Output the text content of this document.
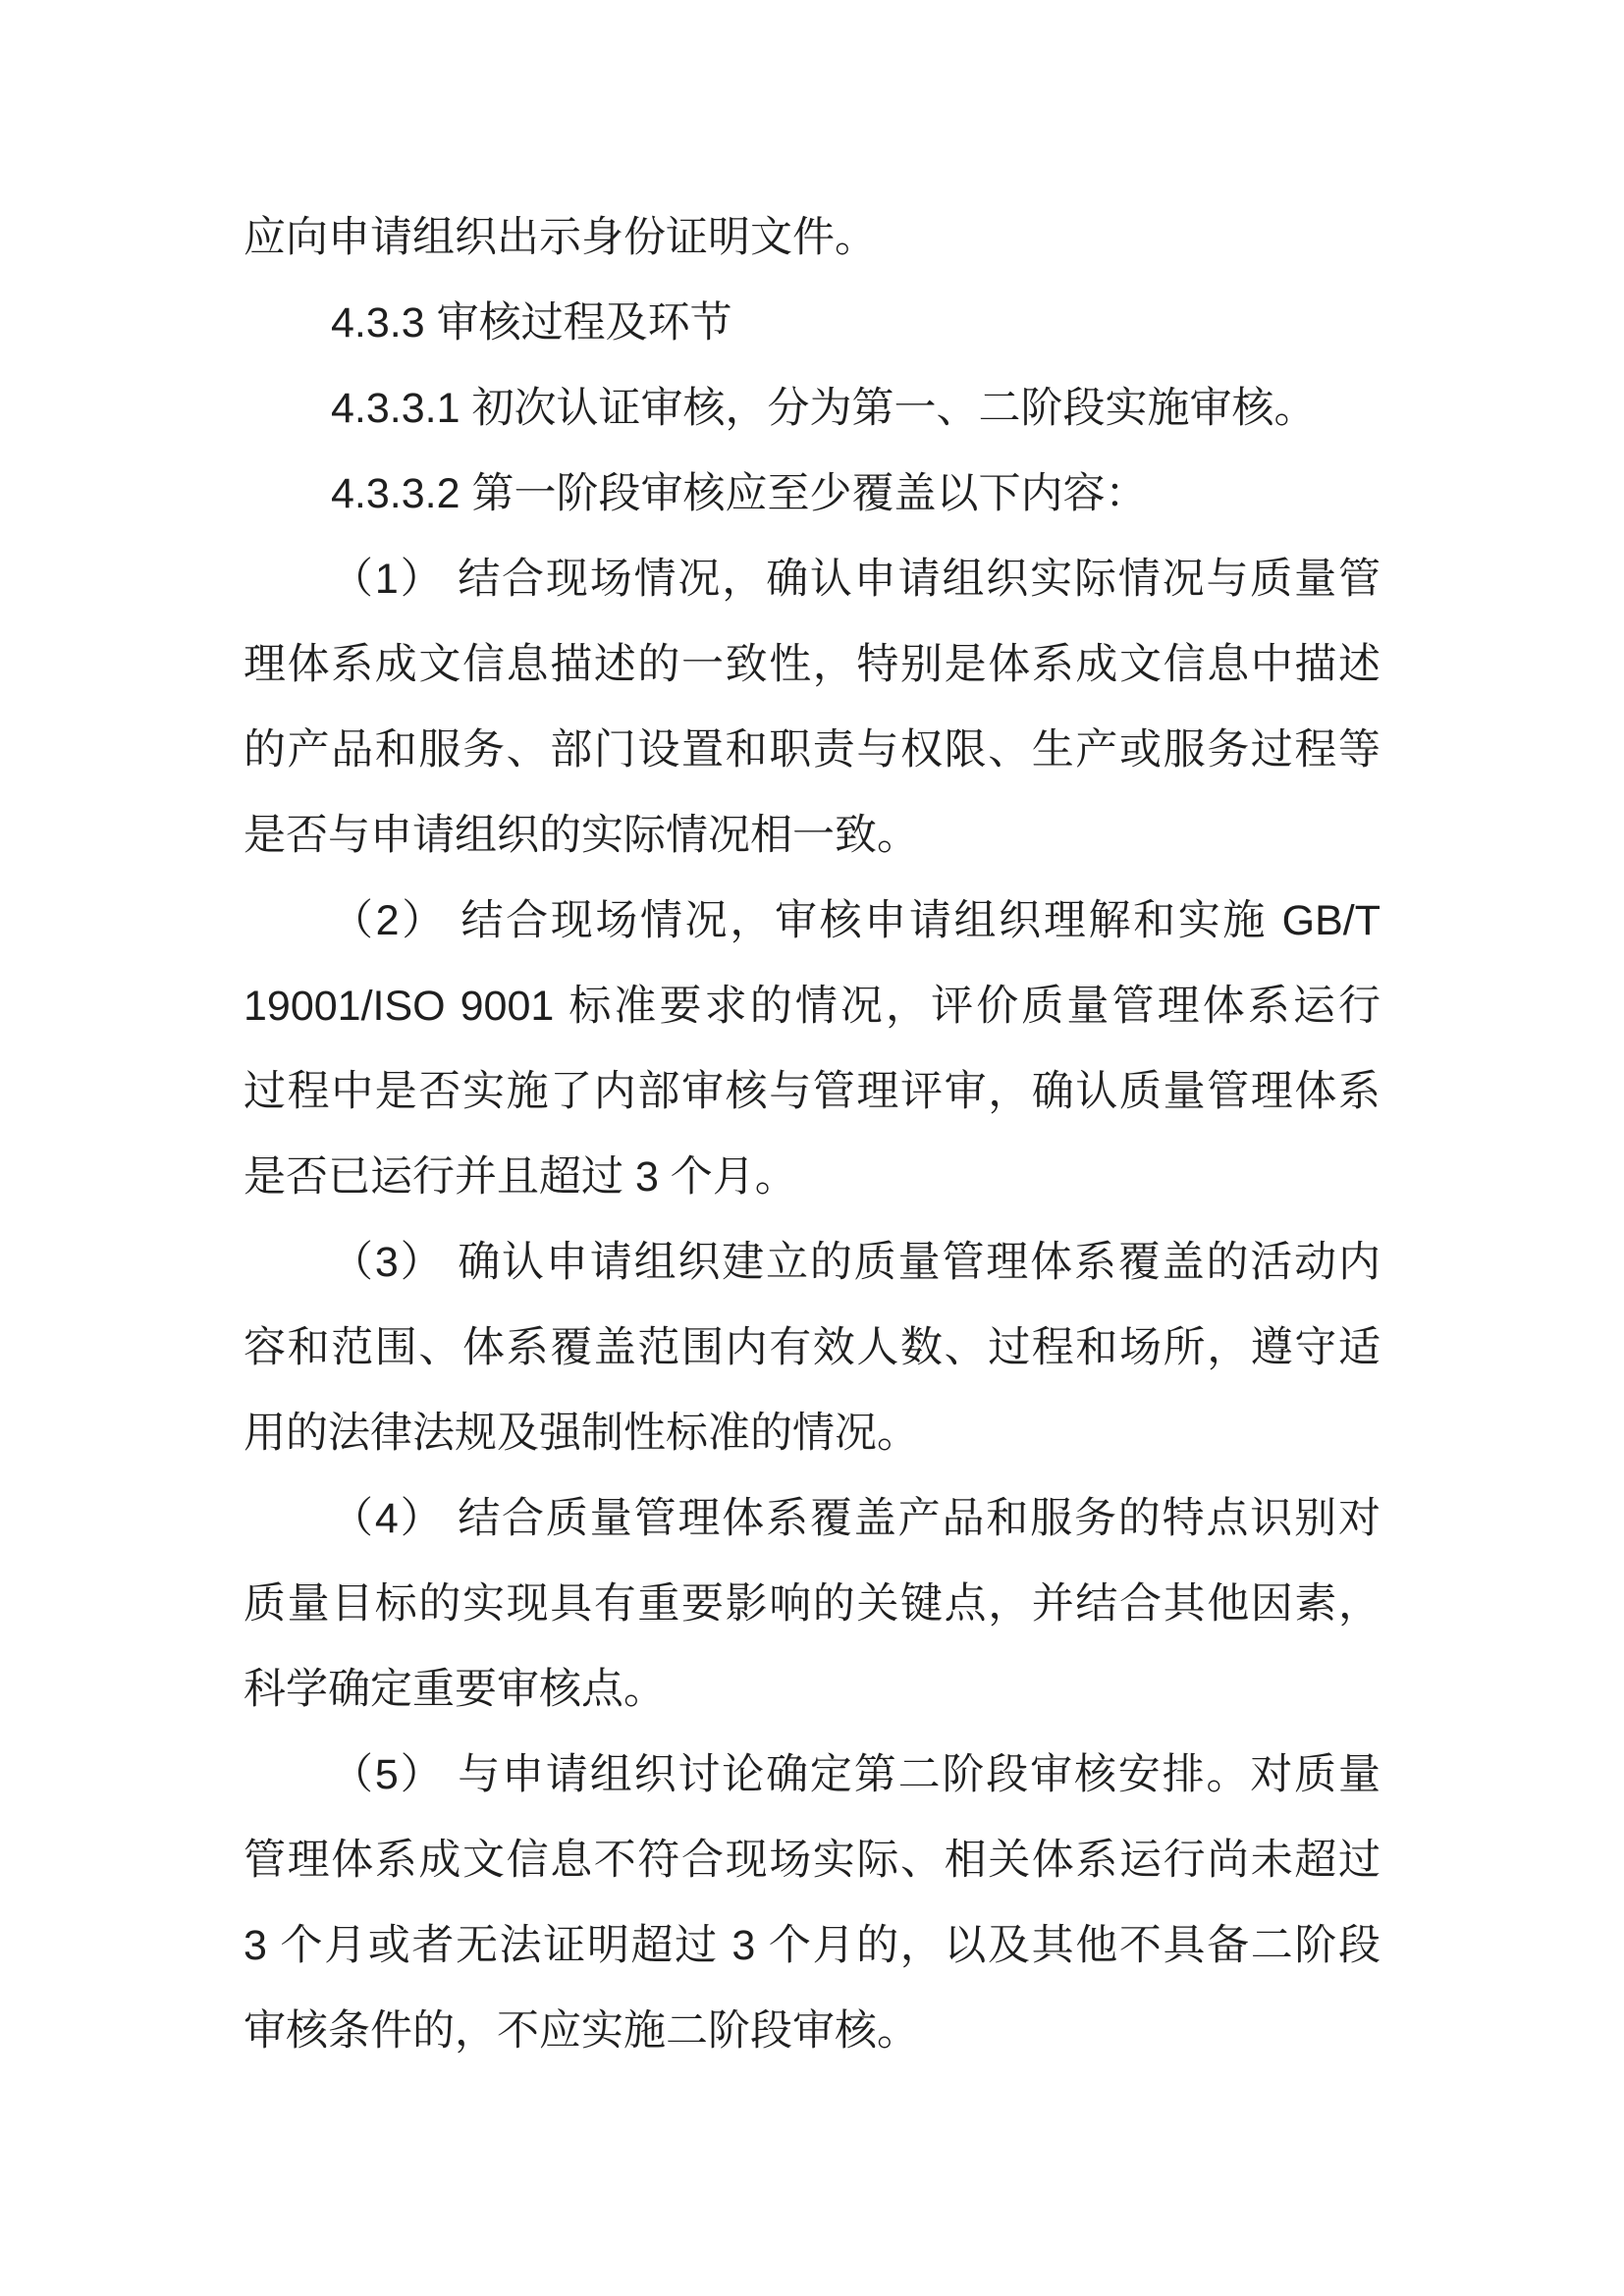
应向申请组织出示身份证明文件。
4.3.3 审核过程及环节
4.3.3.1 初次认证审核，分为第一、二阶段实施审核。
4.3.3.2 第一阶段审核应至少覆盖以下内容：
（1） 结合现场情况，确认申请组织实际情况与质量管
理体系成文信息描述的一致性，特别是体系成文信息中描述
的产品和服务、部门设置和职责与权限、生产或服务过程等
是否与申请组织的实际情况相一致。
（2） 结合现场情况，审核申请组织理解和实施 GB/T
19001/ISO 9001 标准要求的情况，评价质量管理体系运行
过程中是否实施了内部审核与管理评审，确认质量管理体系
是否已运行并且超过 3 个月。
（3） 确认申请组织建立的质量管理体系覆盖的活动内
容和范围、体系覆盖范围内有效人数、过程和场所，遵守适
用的法律法规及强制性标准的情况。
（4） 结合质量管理体系覆盖产品和服务的特点识别对
质量目标的实现具有重要影响的关键点，并结合其他因素，
科学确定重要审核点。
（5） 与申请组织讨论确定第二阶段审核安排。对质量
管理体系成文信息不符合现场实际、相关体系运行尚未超过
3 个月或者无法证明超过 3 个月的，以及其他不具备二阶段
审核条件的，不应实施二阶段审核。
